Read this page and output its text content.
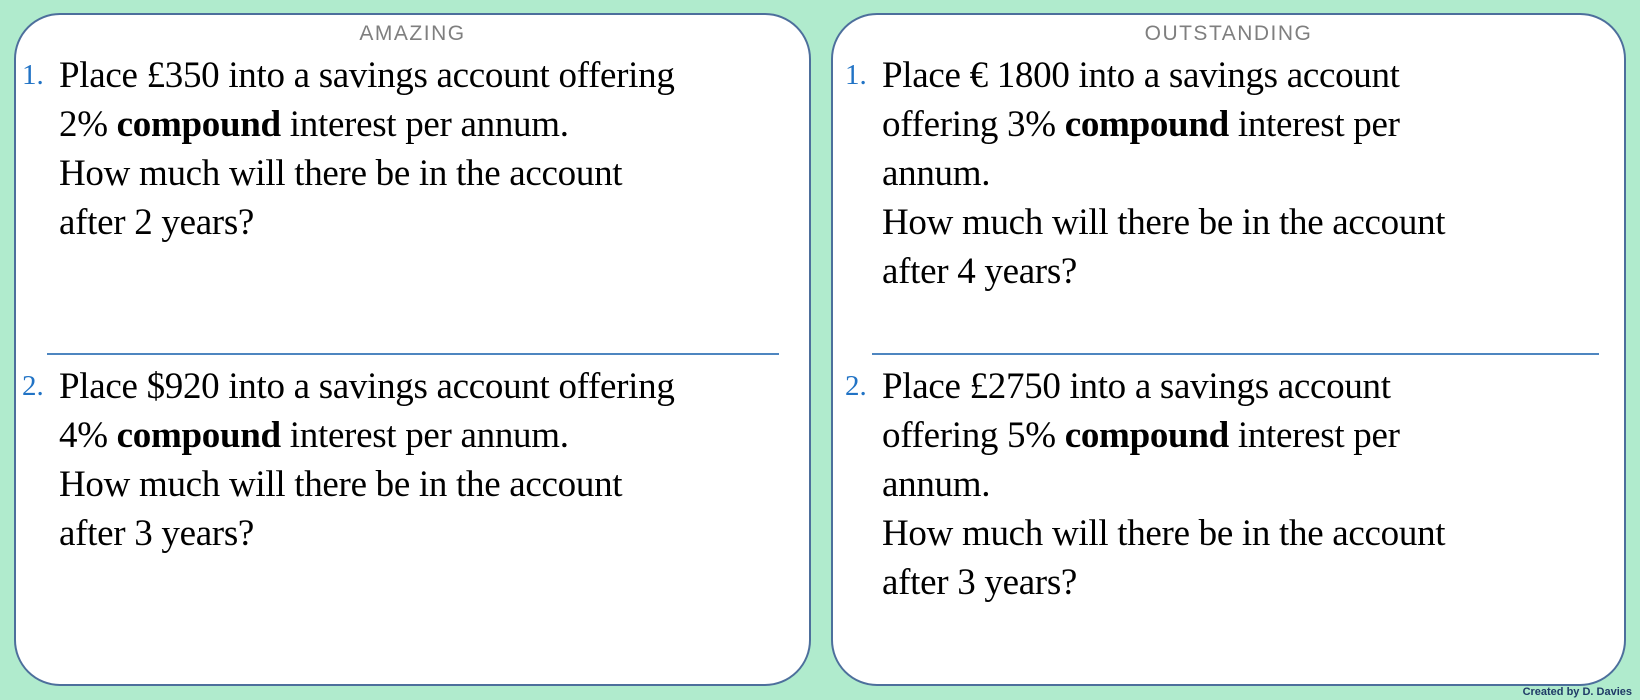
AMAZING
1. Place £350 into a savings account offering
2% compound interest per annum.
How much will there be in the account
after 2 years?
2. Place $920 into a savings account offering
4% compound interest per annum.
How much will there be in the account
after 3 years?
OUTSTANDING
1. Place € 1800 into a savings account
offering 3% compound interest per
annum.
How much will there be in the account
after 4 years?
2. Place £2750 into a savings account
offering 5% compound interest per
annum.
How much will there be in the account
after 3 years?
Created by D. Davies
